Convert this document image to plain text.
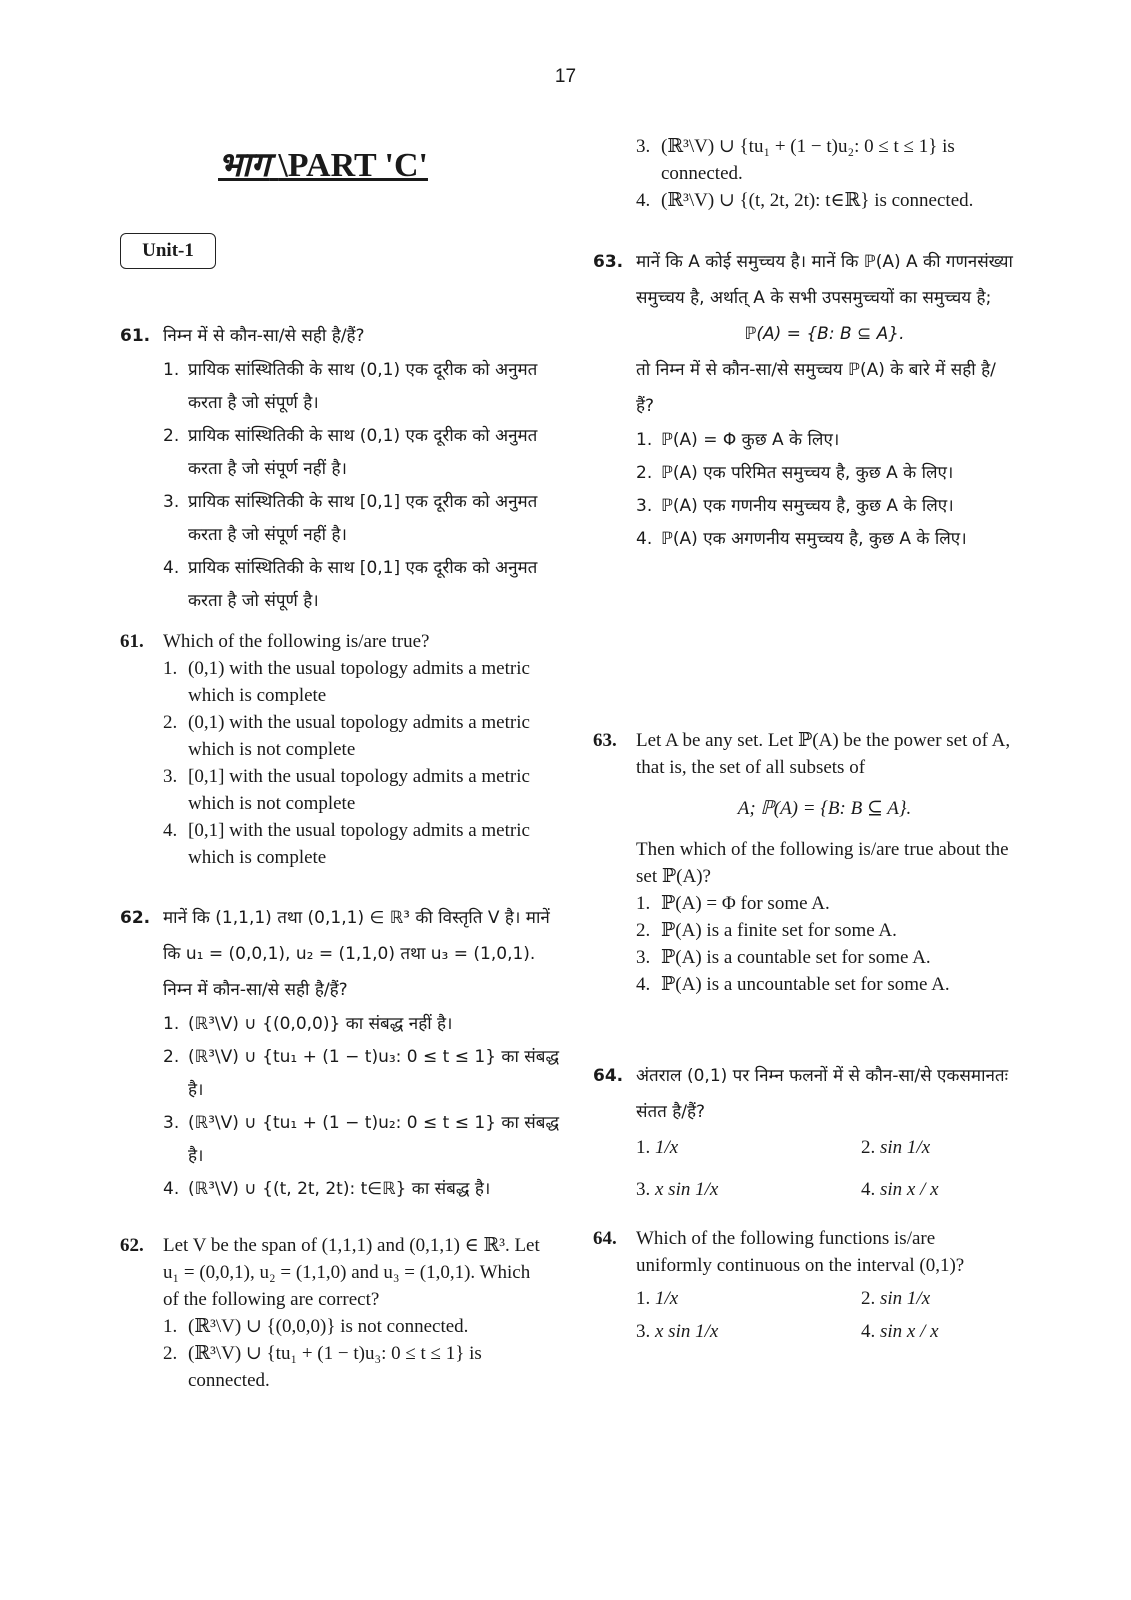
17
भाग \PART 'C'
Unit-1
61. निम्न में से कौन-सा/से सही है/हैं?
1. प्रायिक सांस्थितिकी के साथ (0,1) एक दूरीक को अनुमत करता है जो संपूर्ण है।
2. प्रायिक सांस्थितिकी के साथ (0,1) एक दूरीक को अनुमत करता है जो संपूर्ण नहीं है।
3. प्रायिक सांस्थितिकी के साथ [0,1] एक दूरीक को अनुमत करता है जो संपूर्ण नहीं है।
4. प्रायिक सांस्थितिकी के साथ [0,1] एक दूरीक को अनुमत करता है जो संपूर्ण है।
61. Which of the following is/are true?
1. (0,1) with the usual topology admits a metric which is complete
2. (0,1) with the usual topology admits a metric which is not complete
3. [0,1] with the usual topology admits a metric which is not complete
4. [0,1] with the usual topology admits a metric which is complete
62. मानें कि (1,1,1) तथा (0,1,1) ∈ ℝ³ की विस्तृति V है। मानें कि u₁ = (0,0,1), u₂ = (1,1,0) तथा u₃ = (1,0,1). निम्न में कौन-सा/से सही है/हैं?
1. (ℝ³\V) ∪ {(0,0,0)} का संबद्ध नहीं है।
2. (ℝ³\V) ∪ {tu₁ + (1 − t)u₃: 0 ≤ t ≤ 1} का संबद्ध है।
3. (ℝ³\V) ∪ {tu₁ + (1 − t)u₂: 0 ≤ t ≤ 1} का संबद्ध है।
4. (ℝ³\V) ∪ {(t, 2t, 2t): t∈ℝ} का संबद्ध है।
62. Let V be the span of (1,1,1) and (0,1,1) ∈ ℝ³. Let u₁ = (0,0,1), u₂ = (1,1,0) and u₃ = (1,0,1). Which of the following are correct?
1. (ℝ³\V) ∪ {(0,0,0)} is not connected.
2. (ℝ³\V) ∪ {tu₁ + (1 − t)u₃: 0 ≤ t ≤ 1} is connected.
3. (ℝ³\V) ∪ {tu₁ + (1 − t)u₂: 0 ≤ t ≤ 1} is connected.
4. (ℝ³\V) ∪ {(t, 2t, 2t): t∈ℝ} is connected.
63. मानें कि A कोई समुच्चय है। मानें कि ℙ(A) A की गणनसंख्या समुच्चय है, अर्थात् A के सभी उपसमुच्चयों का समुच्चय है;
ℙ(A) = {B: B ⊆ A}.
तो निम्न में से कौन-सा/से समुच्चय ℙ(A) के बारे में सही है/हैं?
1. ℙ(A) = Φ कुछ A के लिए।
2. ℙ(A) एक परिमित समुच्चय है, कुछ A के लिए।
3. ℙ(A) एक गणनीय समुच्चय है, कुछ A के लिए।
4. ℙ(A) एक अगणनीय समुच्चय है, कुछ A के लिए।
63. Let A be any set. Let ℙ(A) be the power set of A, that is, the set of all subsets of
A; ℙ(A) = {B: B ⊆ A}.
Then which of the following is/are true about the set ℙ(A)?
1. ℙ(A) = Φ for some A.
2. ℙ(A) is a finite set for some A.
3. ℙ(A) is a countable set for some A.
4. ℙ(A) is a uncountable set for some A.
64. अंतराल (0,1) पर निम्न फलनों में से कौन-सा/से एकसमानतः संतत है/हैं?
1. 1/x	2. sin 1/x
3. x sin 1/x	4. sin x / x
64. Which of the following functions is/are uniformly continuous on the interval (0,1)?
1. 1/x	2. sin 1/x
3. x sin 1/x	4. sin x / x
